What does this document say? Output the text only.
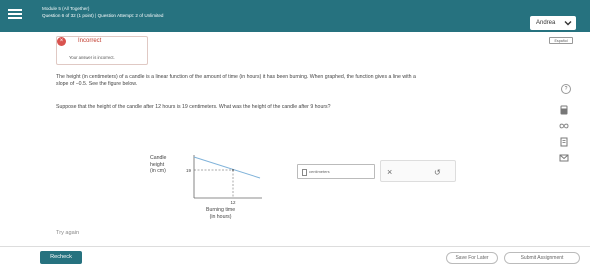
Module 5 (All Together)
Question 6 of 32 (1 point) | Question Attempt: 2 of Unlimited
Andrea
×	Incorrect
Your answer is incorrect.
Español
The height (in centimeters) of a candle is a linear function of the amount of time (in hours) it has been burning. When graphed, the function gives a line with a
slope of −0.5. See the figure below.
Suppose that the height of the candle after 12 hours is 19 centimeters. What was the height of the candle after 9 hours?
?
Candle
height
(in cm)	19
12
Burning time
(in hours)
centimeters	×	↺
Try again
Recheck	Save For Later	Submit Assignment
